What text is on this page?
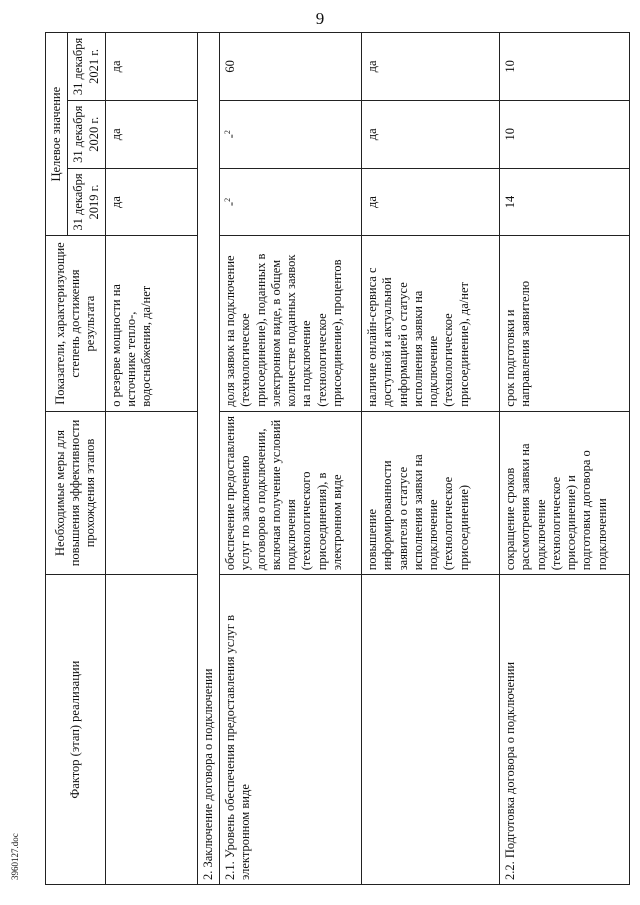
9
3960127.doc
Фактор (этап) реализации	Необходимые меры для повышения эффективности прохождения этапов	Показатели, характеризующие степень достижения результата	Целевое значение		
			31 декабря 2019 г.	31 декабря 2020 г.	31 декабря 2021 г.
		о резерве мощности на источнике тепло-, водоснабжения, да/нет	да	да	да
2. Заключение договора о подключении					
2.1. Уровень обеспечения предоставления услуг в электронном виде	обеспечение предоставления услуг по заключению договоров о подключении, включая получение условий подключения (технологического присоединения), в электронном виде	доля заявок на подключение (технологическое присоединение), поданных в электронном виде, в общем количестве поданных заявок на подключение (технологическое присоединение), процентов	-$^2$	-$^2$	60
	повышение информированности заявителя о статусе исполнения заявки на подключение (технологическое присоединение)	наличие онлайн-сервиса с доступной и актуальной информацией о статусе исполнения заявки на подключение (технологическое присоединение), да/нет	да	да	да
2.2. Подготовка договора о подключении	сокращение сроков рассмотрения заявки на подключение (технологическое присоединение) и подготовки договора о подключении	срок подготовки и направления заявителю	14	10	10
